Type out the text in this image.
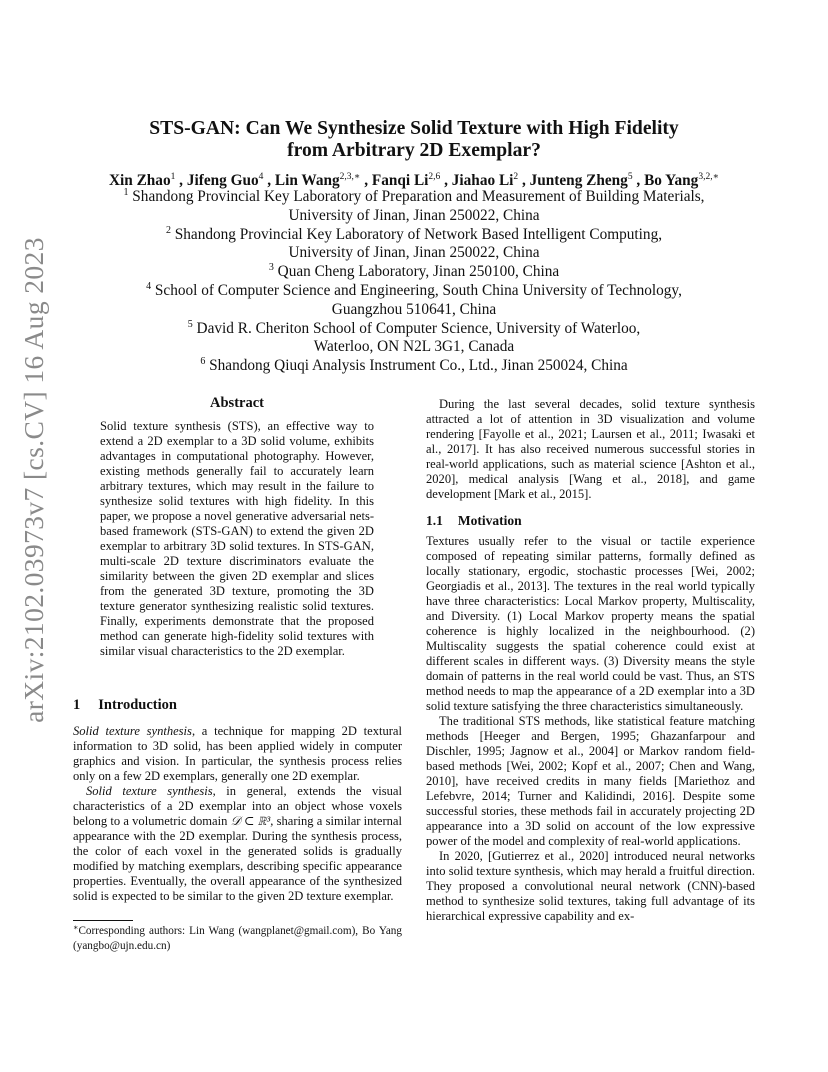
arXiv:2102.03973v7 [cs.CV] 16 Aug 2023
STS-GAN: Can We Synthesize Solid Texture with High Fidelity
from Arbitrary 2D Exemplar?
Xin Zhao$^1$ , Jifeng Guo$^4$ , Lin Wang$^{2,3,∗}$ , Fanqi Li$^{2,6}$ , Jiahao Li$^2$ , Junteng Zheng$^5$ , Bo Yang$^{3,2,∗}$
$^1$ Shandong Provincial Key Laboratory of Preparation and Measurement of Building Materials,
University of Jinan, Jinan 250022, China
$^2$ Shandong Provincial Key Laboratory of Network Based Intelligent Computing,
University of Jinan, Jinan 250022, China
$^3$ Quan Cheng Laboratory, Jinan 250100, China
$^4$ School of Computer Science and Engineering, South China University of Technology,
Guangzhou 510641, China
$^5$ David R. Cheriton School of Computer Science, University of Waterloo,
Waterloo, ON N2L 3G1, Canada
$^6$ Shandong Qiuqi Analysis Instrument Co., Ltd., Jinan 250024, China
Abstract
Solid texture synthesis (STS), an effective way to extend a 2D exemplar to a 3D solid volume, exhibits advantages in computational photography. However, existing methods generally fail to accurately learn arbitrary textures, which may result in the failure to synthesize solid textures with high fidelity. In this paper, we propose a novel generative adversarial nets-based framework (STS-GAN) to extend the given 2D exemplar to arbitrary 3D solid textures. In STS-GAN, multi-scale 2D texture discriminators evaluate the similarity between the given 2D exemplar and slices from the generated 3D texture, promoting the 3D texture generator synthesizing realistic solid textures. Finally, experiments demonstrate that the proposed method can generate high-fidelity solid textures with similar visual characteristics to the 2D exemplar.
1 Introduction

Solid texture synthesis, a technique for mapping 2D textural information to 3D solid, has been applied widely in computer graphics and vision. In particular, the synthesis process relies only on a few 2D exemplars, generally one 2D exemplar.

Solid texture synthesis, in general, extends the visual characteristics of a 2D exemplar into an object whose voxels belong to a volumetric domain 𝒟 ⊂ ℝ³, sharing a similar internal appearance with the 2D exemplar. During the synthesis process, the color of each voxel in the generated solids is gradually modified by matching exemplars, describing specific appearance properties. Eventually, the overall appearance of the synthesized solid is expected to be similar to the given 2D texture exemplar.

∗Corresponding authors: Lin Wang (wangplanet@gmail.com), Bo Yang (yangbo@ujn.edu.cn)

During the last several decades, solid texture synthesis attracted a lot of attention in 3D visualization and volume rendering [Fayolle et al., 2021; Laursen et al., 2011; Iwasaki et al., 2017]. It has also received numerous successful stories in real-world applications, such as material science [Ashton et al., 2020], medical analysis [Wang et al., 2018], and game development [Mark et al., 2015].

1.1 Motivation

Textures usually refer to the visual or tactile experience composed of repeating similar patterns, formally defined as locally stationary, ergodic, stochastic processes [Wei, 2002; Georgiadis et al., 2013]. The textures in the real world typically have three characteristics: Local Markov property, Multiscality, and Diversity. (1) Local Markov property means the spatial coherence is highly localized in the neighbourhood. (2) Multiscality suggests the spatial coherence could exist at different scales in different ways. (3) Diversity means the style domain of patterns in the real world could be vast. Thus, an STS method needs to map the appearance of a 2D exemplar into a 3D solid texture satisfying the three characteristics simultaneously.

The traditional STS methods, like statistical feature matching methods [Heeger and Bergen, 1995; Ghazanfarpour and Dischler, 1995; Jagnow et al., 2004] or Markov random field-based methods [Wei, 2002; Kopf et al., 2007; Chen and Wang, 2010], have received credits in many fields [Mariethoz and Lefebvre, 2014; Turner and Kalidindi, 2016]. Despite some successful stories, these methods fail in accurately projecting 2D appearance into a 3D solid on account of the low expressive power of the model and complexity of real-world applications.

In 2020, [Gutierrez et al., 2020] introduced neural networks into solid texture synthesis, which may herald a fruitful direction. They proposed a convolutional neural network (CNN)-based method to synthesize solid textures, taking full advantage of its hierarchical expressive capability and ex-
